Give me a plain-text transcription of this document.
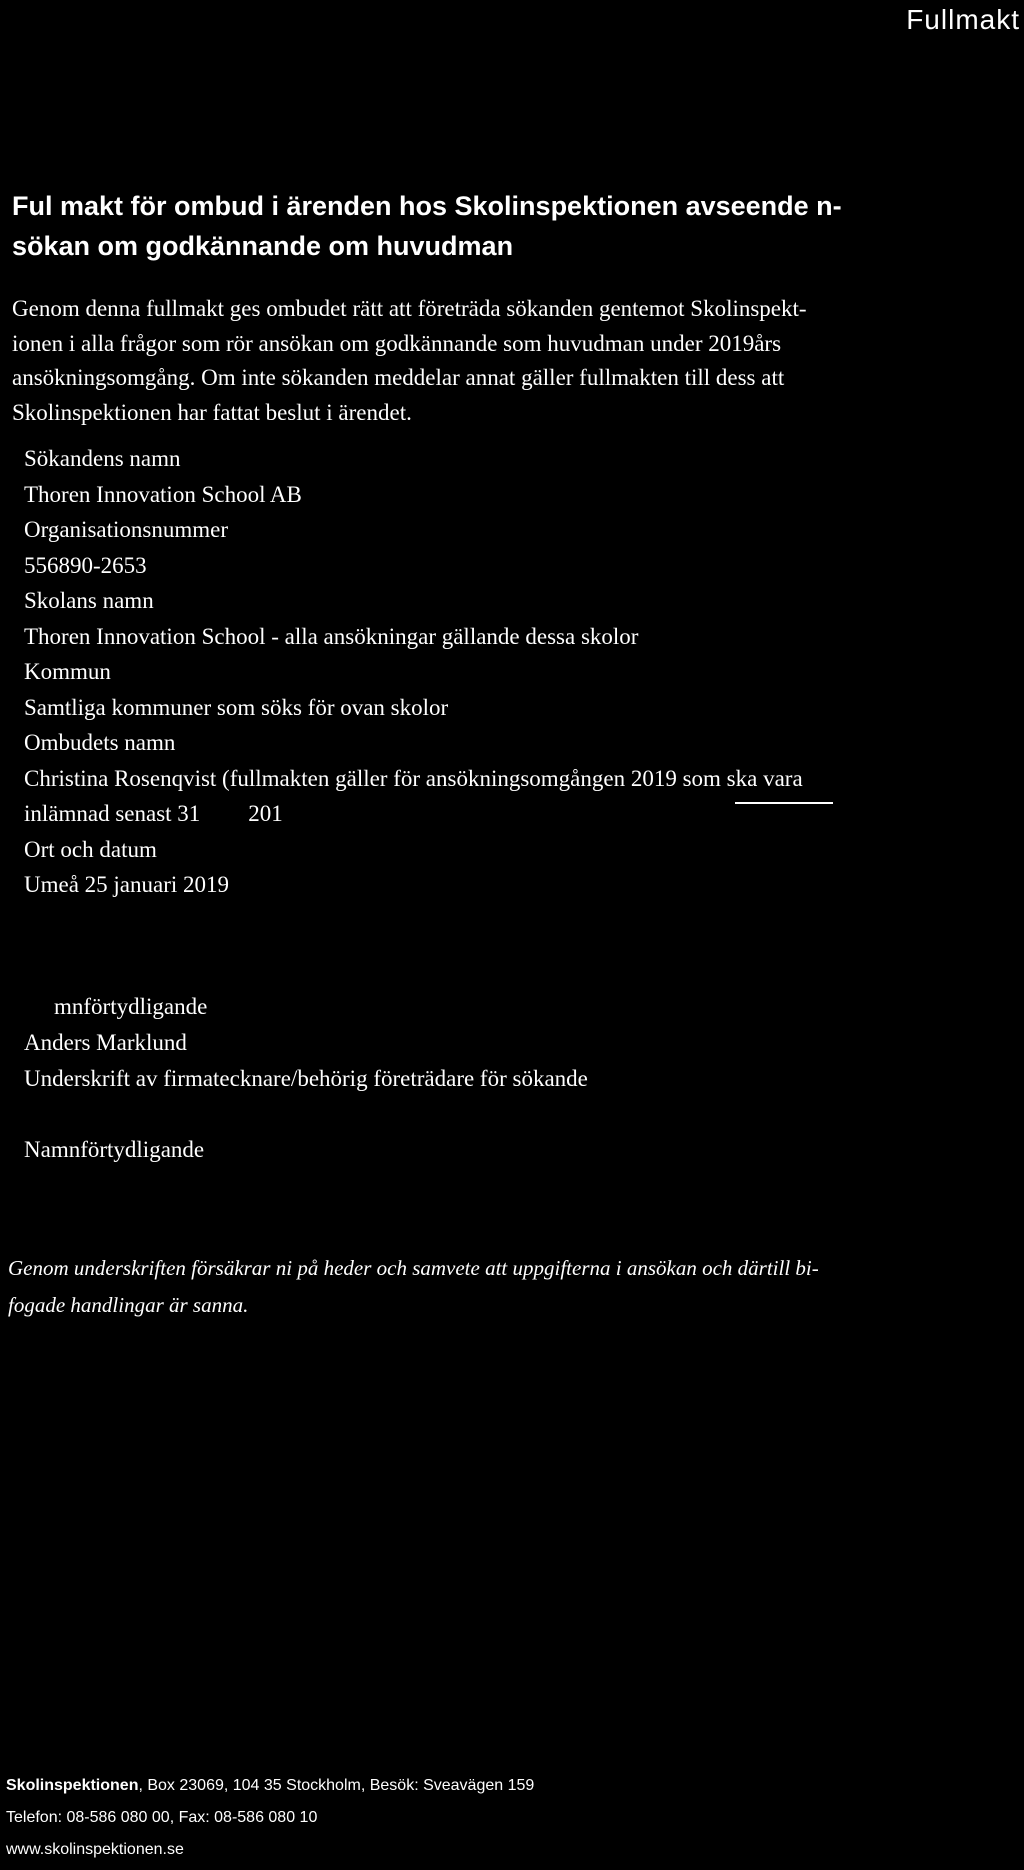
Fullmakt
Ful makt för ombud i ärenden hos Skolinspektionen avseende n-
sökan om godkännande om huvudman
Genom denna fullmakt ges ombudet rätt att företräda sökanden gentemot Skolinspekt-
ionen i alla frågor som rör ansökan om godkännande som huvudman under 2019års
ansökningsomgång. Om inte sökanden meddelar annat gäller fullmakten till dess att
Skolinspektionen har fattat beslut i ärendet.
Sökandens namn
Thoren Innovation School AB
Organisationsnummer
556890-2653
Skolans namn
Thoren Innovation School - alla ansökningar gällande dessa skolor
Kommun
Samtliga kommuner som söks för ovan skolor
Ombudets namn
Christina Rosenqvist (fullmakten gäller för ansökningsomgången 2019 som ska vara
inlämnad senast 31 201
Ort och datum
Umeå 25 januari 2019
mnförtydligande
Anders Marklund
Underskrift av firmatecknare/behörig företrädare för sökande
Namnförtydligande
Genom underskriften försäkrar ni på heder och samvete att uppgifterna i ansökan och därtill bi-
fogade handlingar är sanna.
Skolinspektionen, Box 23069, 104 35 Stockholm, Besök: Sveavägen 159
Telefon: 08-586 080 00, Fax: 08-586 080 10
www.skolinspektionen.se
